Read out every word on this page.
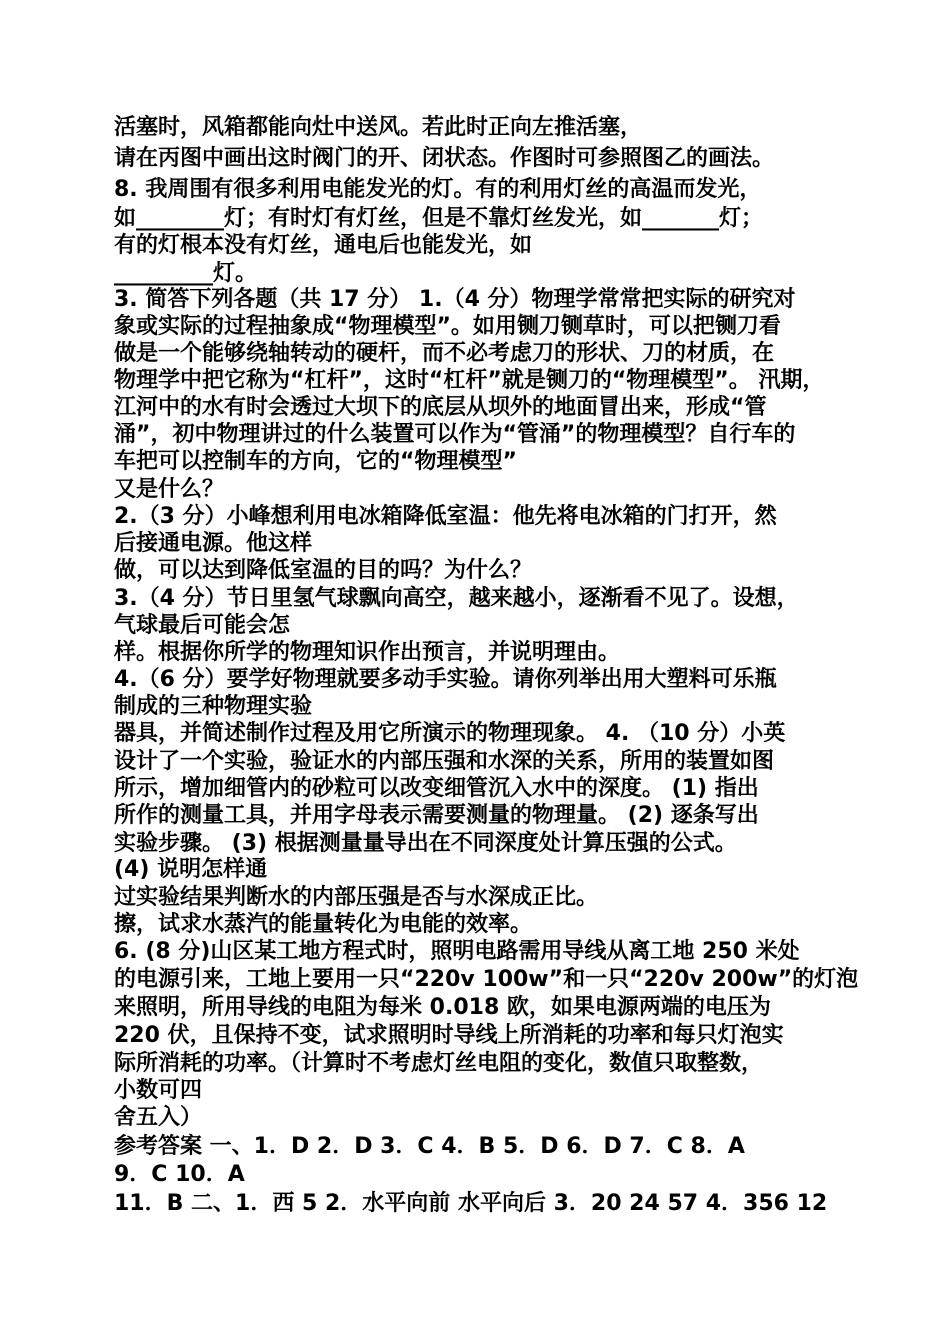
活塞时，风箱都能向灶中送风。若此时正向左推活塞，
请在丙图中画出这时阀门的开、闭状态。作图时可参照图乙的画法。
8. 我周围有很多利用电能发光的灯。有的利用灯丝的高温而发光，
如________灯；有时灯有灯丝，但是不靠灯丝发光，如_______灯；
有的灯根本没有灯丝，通电后也能发光，如
_________灯。
3. 简答下列各题（共 17 分） 1.（4 分）物理学常常把实际的研究对
象或实际的过程抽象成“物理模型”。如用铡刀铡草时，可以把铡刀看
做是一个能够绕轴转动的硬杆，而不必考虑刀的形状、刀的材质，在
物理学中把它称为“杠杆”，这时“杠杆”就是铡刀的“物理模型”。 汛期，
江河中的水有时会透过大坝下的底层从坝外的地面冒出来，形成“管
涌”，初中物理讲过的什么装置可以作为“管涌”的物理模型？自行车的
车把可以控制车的方向，它的“物理模型”
又是什么？
2.（3 分）小峰想利用电冰箱降低室温：他先将电冰箱的门打开，然
后接通电源。他这样
做，可以达到降低室温的目的吗？为什么？
3.（4 分）节日里氢气球飘向高空，越来越小，逐渐看不见了。设想，
气球最后可能会怎
样。根据你所学的物理知识作出预言，并说明理由。
4.（6 分）要学好物理就要多动手实验。请你列举出用大塑料可乐瓶
制成的三种物理实验
器具，并简述制作过程及用它所演示的物理现象。 4. （10 分）小英
设计了一个实验，验证水的内部压强和水深的关系，所用的装置如图
所示，增加细管内的砂粒可以改变细管沉入水中的深度。 (1) 指出
所作的测量工具，并用字母表示需要测量的物理量。 (2) 逐条写出
实验步骤。 (3) 根据测量量导出在不同深度处计算压强的公式。
(4) 说明怎样通
过实验结果判断水的内部压强是否与水深成正比。
擦，试求水蒸汽的能量转化为电能的效率。
6. (8 分)山区某工地方程式时，照明电路需用导线从离工地 250 米处
的电源引来，工地上要用一只“220v 100w”和一只“220v 200w”的灯泡
来照明，所用导线的电阻为每米 0.018 欧，如果电源两端的电压为
220 伏，且保持不变，试求照明时导线上所消耗的功率和每只灯泡实
际所消耗的功率。（计算时不考虑灯丝电阻的变化，数值只取整数，
小数可四
舍五入）
参考答案 一、1．D 2．D 3．C 4．B 5．D 6．D 7．C 8．A
9．C 10．A
11．B 二、1．西 5 2．水平向前 水平向后 3．20 24 57 4．356 12
